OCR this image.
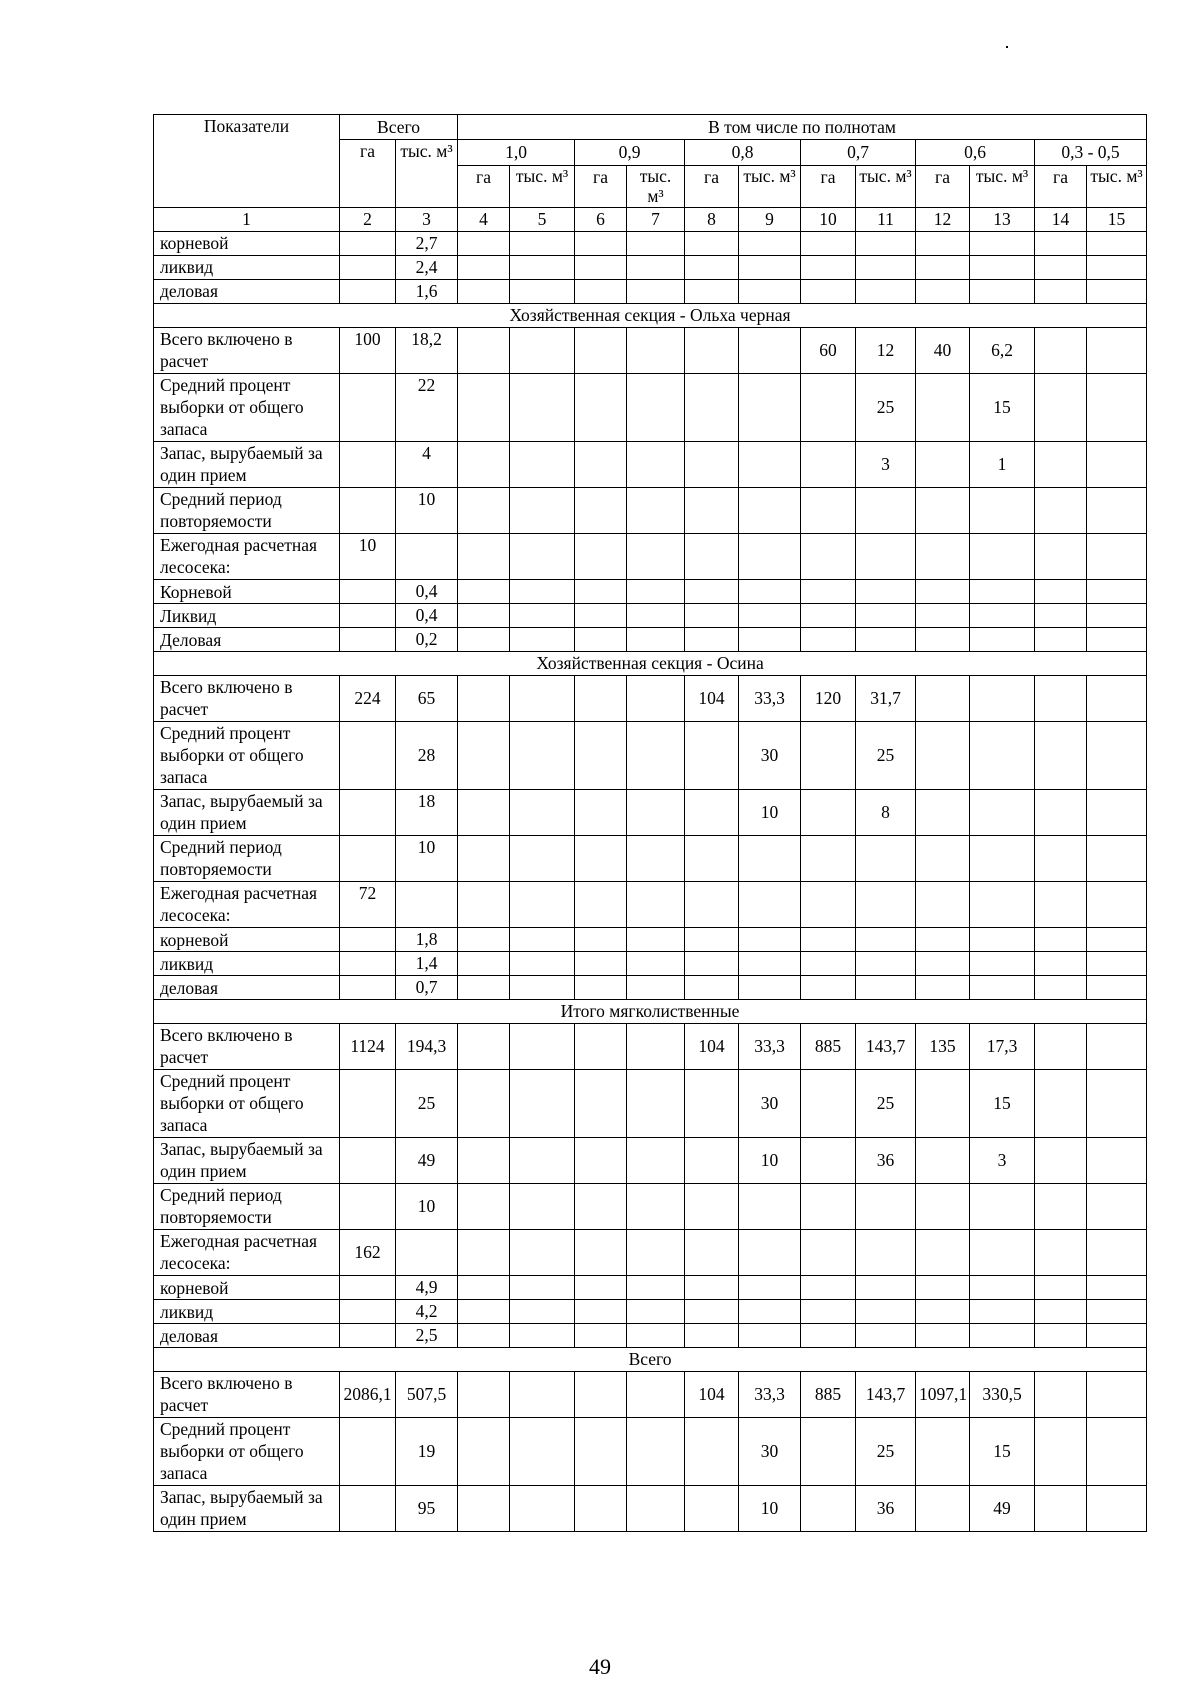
Показатели	Всего		В том числе по полнотам											
	га	тыс. м³	1,0		0,9		0,8		0,7		0,6		0,3 - 0,5	
			га	тыс. м³	га	тыс. м³	га	тыс. м³	га	тыс. м³	га	тыс. м³	га	тыс. м³
1	2	3	4	5	6	7	8	9	10	11	12	13	14	15
корневой		2,7												
ликвид		2,4												
деловая		1,6												
Хозяйственная секция - Ольха черная														
Всего включено в расчет	100	18,2							60	12	40	6,2		
Средний процент выборки от общего запаса		22								25		15		
Запас, вырубаемый за один прием		4								3		1		
Средний период повторяемости		10												
Ежегодная расчетная лесосека:	10													
Корневой		0,4												
Ликвид		0,4												
Деловая		0,2												
Хозяйственная секция - Осина														
Всего включено в расчет	224	65					104	33,3	120	31,7				
Средний процент выборки от общего запаса		28						30		25				
Запас, вырубаемый за один прием		18						10		8				
Средний период повторяемости		10												
Ежегодная расчетная лесосека:	72													
корневой		1,8												
ликвид		1,4												
деловая		0,7												
Итого мягколиственные														
Всего включено в расчет	1124	194,3					104	33,3	885	143,7	135	17,3		
Средний процент выборки от общего запаса		25						30		25		15		
Запас, вырубаемый за один прием		49						10		36		3		
Средний период повторяемости		10												
Ежегодная расчетная лесосека:	162													
корневой		4,9												
ликвид		4,2												
деловая		2,5												
Всего														
Всего включено в расчет	2086,1	507,5					104	33,3	885	143,7	1097,1	330,5		
Средний процент выборки от общего запаса		19						30		25		15		
Запас, вырубаемый за один прием		95						10		36		49		
49
